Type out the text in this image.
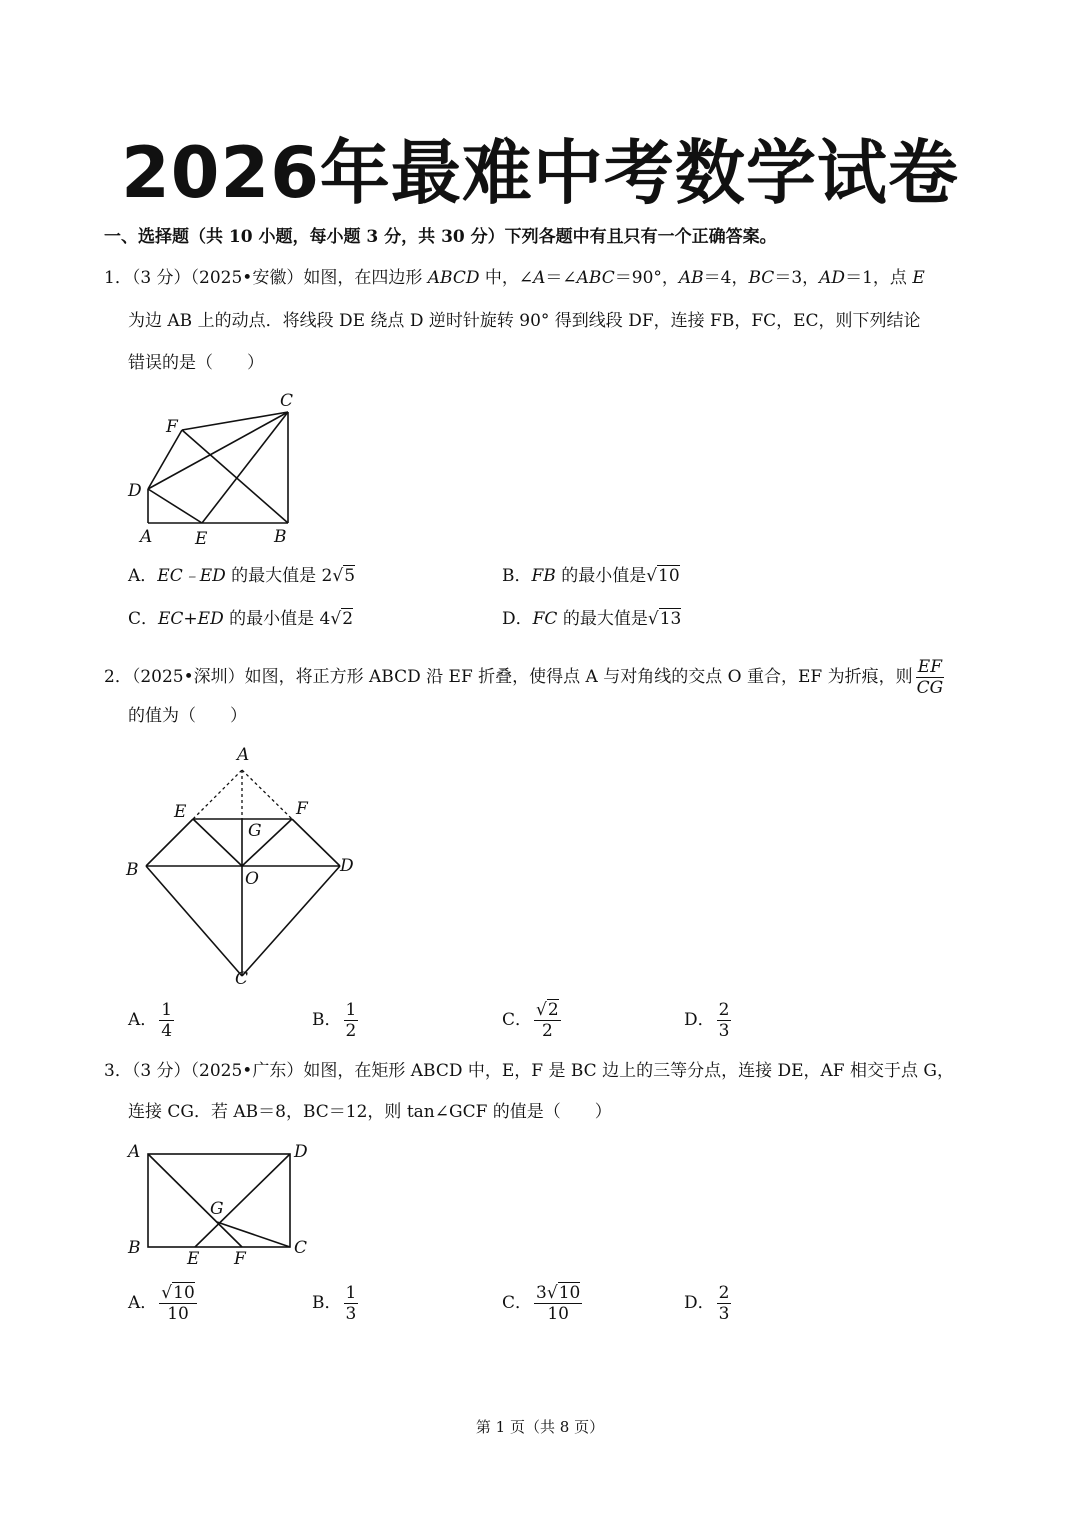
2026年最难中考数学试卷
一、选择题（共 10 小题，每小题 3 分，共 30 分）下列各题中有且只有一个正确答案。
1．（3 分）（2025•安徽）如图，在四边形 ABCD 中，∠A＝∠ABC＝90°，AB＝4，BC＝3，AD＝1，点 E
为边 AB 上的动点．将线段 DE 绕点 D 逆时针旋转 90° 得到线段 DF，连接 FB，FC，EC，则下列结论
错误的是（　　）
C
F
D
A	E	B
A．EC﹣ED 的最大值是 2√5	B．FB 的最小值是√10
C．EC+ED 的最小值是 4√2	D．FC 的最大值是√13
2．（2025•深圳）如图，将正方形 ABCD 沿 EF 折叠，使得点 A 与对角线的交点 O 重合，EF 为折痕，则 $\frac{EF}{CG}$
的值为（　　）
A
E	F
G
B	O
D
C
A． $\frac{1}{4}$	B． $\frac{1}{2}$	C． $\frac{√2}{2}$	D． $\frac{2}{3}$
3．（3 分）（2025•广东）如图，在矩形 ABCD 中，E，F 是 BC 边上的三等分点，连接 DE，AF 相交于点 G，
连接 CG．若 AB＝8，BC＝12，则 tan∠GCF 的值是（　　）
A	D
G
B
E F
C
A． $\frac{√10}{10}$	B． $\frac{1}{3}$	C． $\frac{3√10}{10}$	D． $\frac{2}{3}$
第 1 页（共 8 页）
